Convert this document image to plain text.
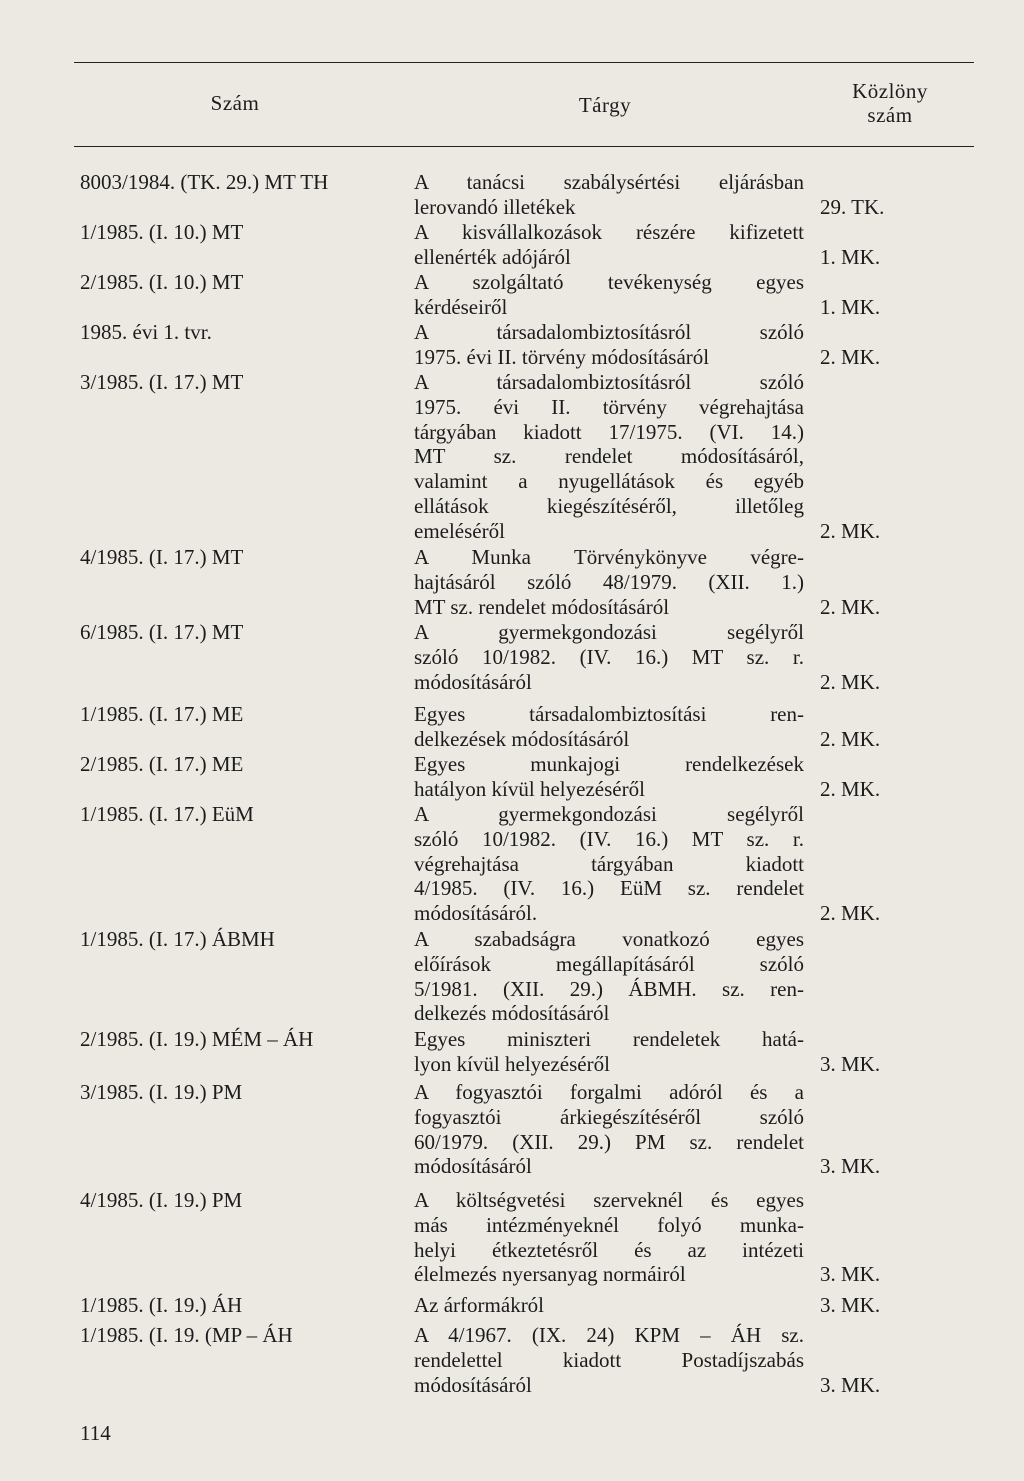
Szám	Tárgy
Közlöny
szám
8003/1984. (TK. 29.) MT TH	A tanácsi szabálysértési eljárásban
lerovandó illetékek	29. TK.
1/1985. (I. 10.) MT	A kisvállalkozások részére kifizetett
ellenérték adójáról	1. MK.
2/1985. (I. 10.) MT	A szolgáltató tevékenység egyes
kérdéseiről	1. MK.
1985. évi 1. tvr.	A társadalombiztosításról szóló
1975. évi II. törvény módosításáról	2. MK.
3/1985. (I. 17.) MT	A társadalombiztosításról szóló
1975. évi II. törvény végrehajtása
tárgyában kiadott 17/1975. (VI. 14.)
MT sz. rendelet módosításáról,
valamint a nyugellátások és egyéb
ellátások kiegészítéséről, illetőleg
emeléséről	2. MK.
4/1985. (I. 17.) MT	A Munka Törvénykönyve végre-
hajtásáról szóló 48/1979. (XII. 1.)
MT sz. rendelet módosításáról	2. MK.
6/1985. (I. 17.) MT	A gyermekgondozási segélyről
szóló 10/1982. (IV. 16.) MT sz. r.
módosításáról	2. MK.
1/1985. (I. 17.) ME	Egyes társadalombiztosítási ren-
delkezések módosításáról	2. MK.
2/1985. (I. 17.) ME	Egyes munkajogi rendelkezések
hatályon kívül helyezéséről	2. MK.
1/1985. (I. 17.) EüM	A gyermekgondozási segélyről
szóló 10/1982. (IV. 16.) MT sz. r.
végrehajtása tárgyában kiadott
4/1985. (IV. 16.) EüM sz. rendelet
módosításáról.	2. MK.
1/1985. (I. 17.) ÁBMH	A szabadságra vonatkozó egyes
előírások megállapításáról szóló
5/1981. (XII. 29.) ÁBMH. sz. ren-
delkezés módosításáról
2/1985. (I. 19.) MÉM – ÁH	Egyes miniszteri rendeletek hatá-
lyon kívül helyezéséről	3. MK.
3/1985. (I. 19.) PM	A fogyasztói forgalmi adóról és a
fogyasztói árkiegészítéséről szóló
60/1979. (XII. 29.) PM sz. rendelet
módosításáról	3. MK.
4/1985. (I. 19.) PM	A költségvetési szerveknél és egyes
más intézményeknél folyó munka-
helyi étkeztetésről és az intézeti
élelmezés nyersanyag normáiról	3. MK.
1/1985. (I. 19.) ÁH	Az árformákról	3. MK.
1/1985. (I. 19. (MP – ÁH	A 4/1967. (IX. 24) KPM – ÁH sz.
rendelettel kiadott Postadíjszabás
módosításáról	3. MK.
114
